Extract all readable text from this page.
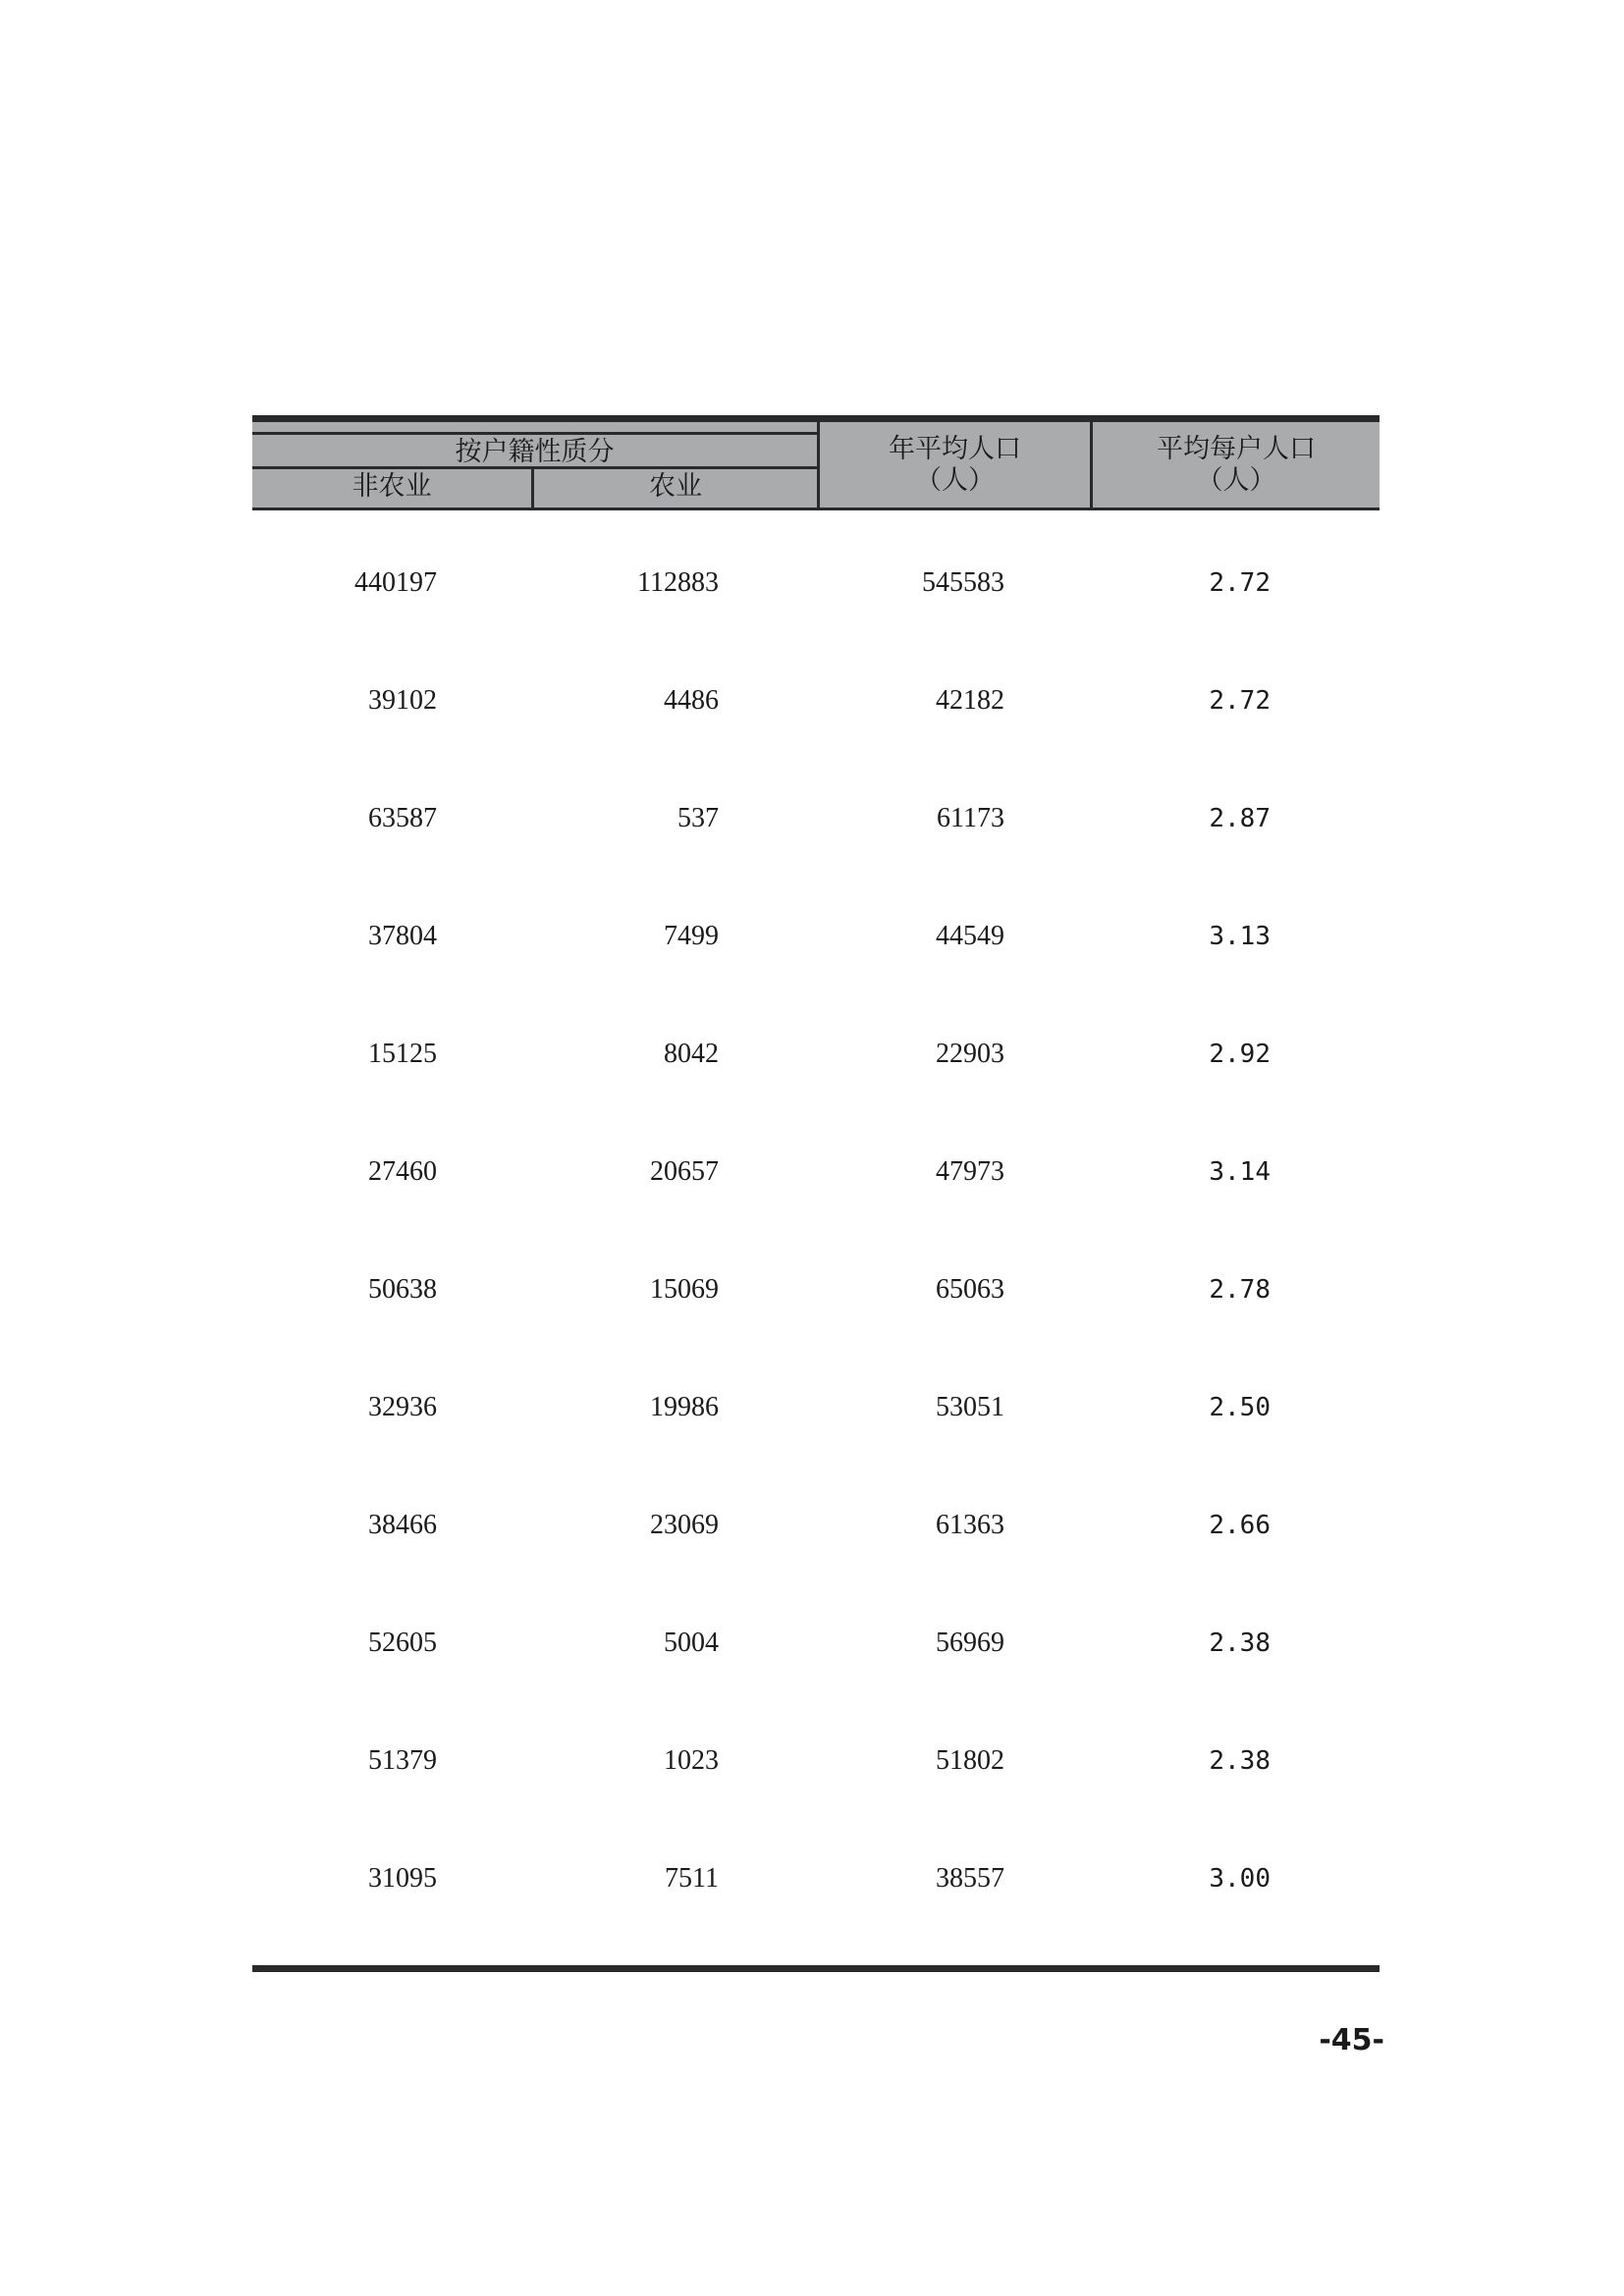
按户籍性质分
非农业	农业
年平均人口
（人）
平均每户人口
（人）
440197	112883	545583	2.72
39102	4486	42182	2.72
63587	537	61173	2.87
37804	7499	44549	3.13
15125	8042	22903	2.92
27460	20657	47973	3.14
50638	15069	65063	2.78
32936	19986	53051	2.50
38466	23069	61363	2.66
52605	5004	56969	2.38
51379	1023	51802	2.38
31095	7511	38557	3.00
-45-
